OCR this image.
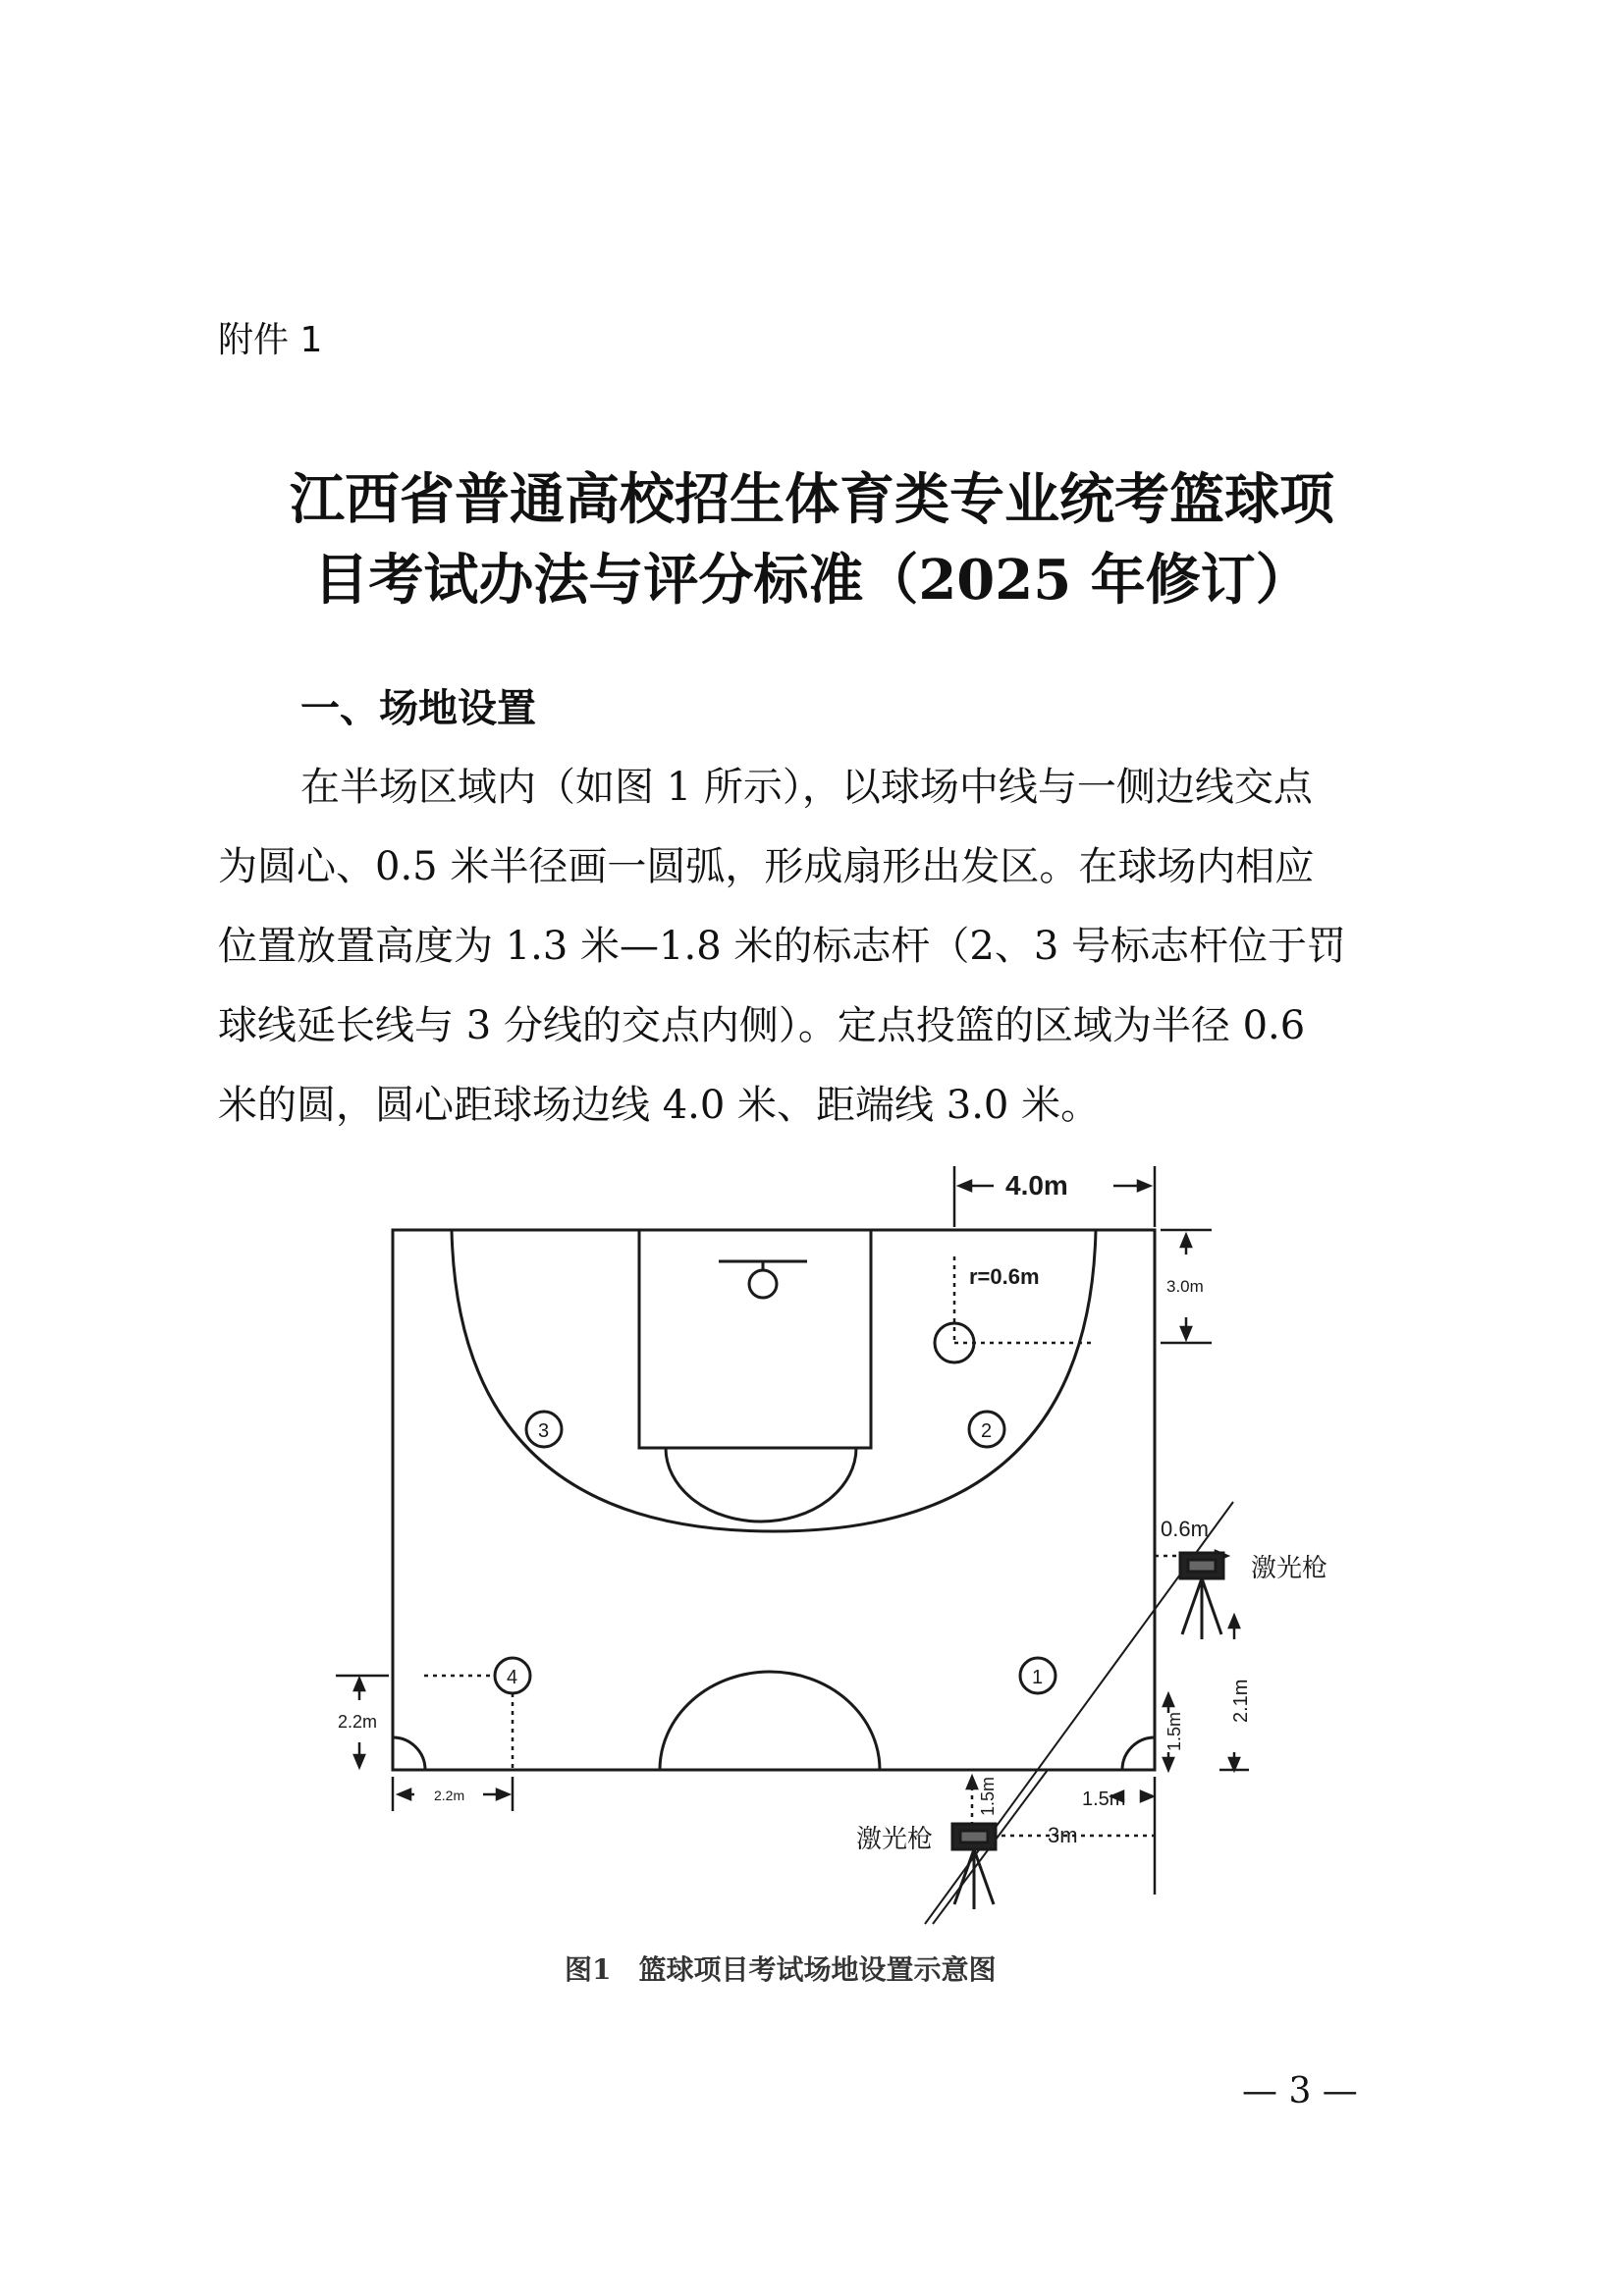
附件 1
江西省普通高校招生体育类专业统考篮球项
目考试办法与评分标准（2025 年修订）
一、场地设置
在半场区域内（如图 1 所示），以球场中线与一侧边线交点
为圆心、0.5 米半径画一圆弧，形成扇形出发区。在球场内相应
位置放置高度为 1.3 米—1.8 米的标志杆（2、3 号标志杆位于罚
球线延长线与 3 分线的交点内侧）。定点投篮的区域为半径 0.6
米的圆，圆心距球场边线 4.0 米、距端线 3.0 米。
4.0m
r=0.6m	3.0m
0.6m
激光枪
2.1m
1.5m
1.5m
2.2m
2.2m	1.5m
3m
激光枪
1
2
3
4
图1　篮球项目考试场地设置示意图
— 3 —
